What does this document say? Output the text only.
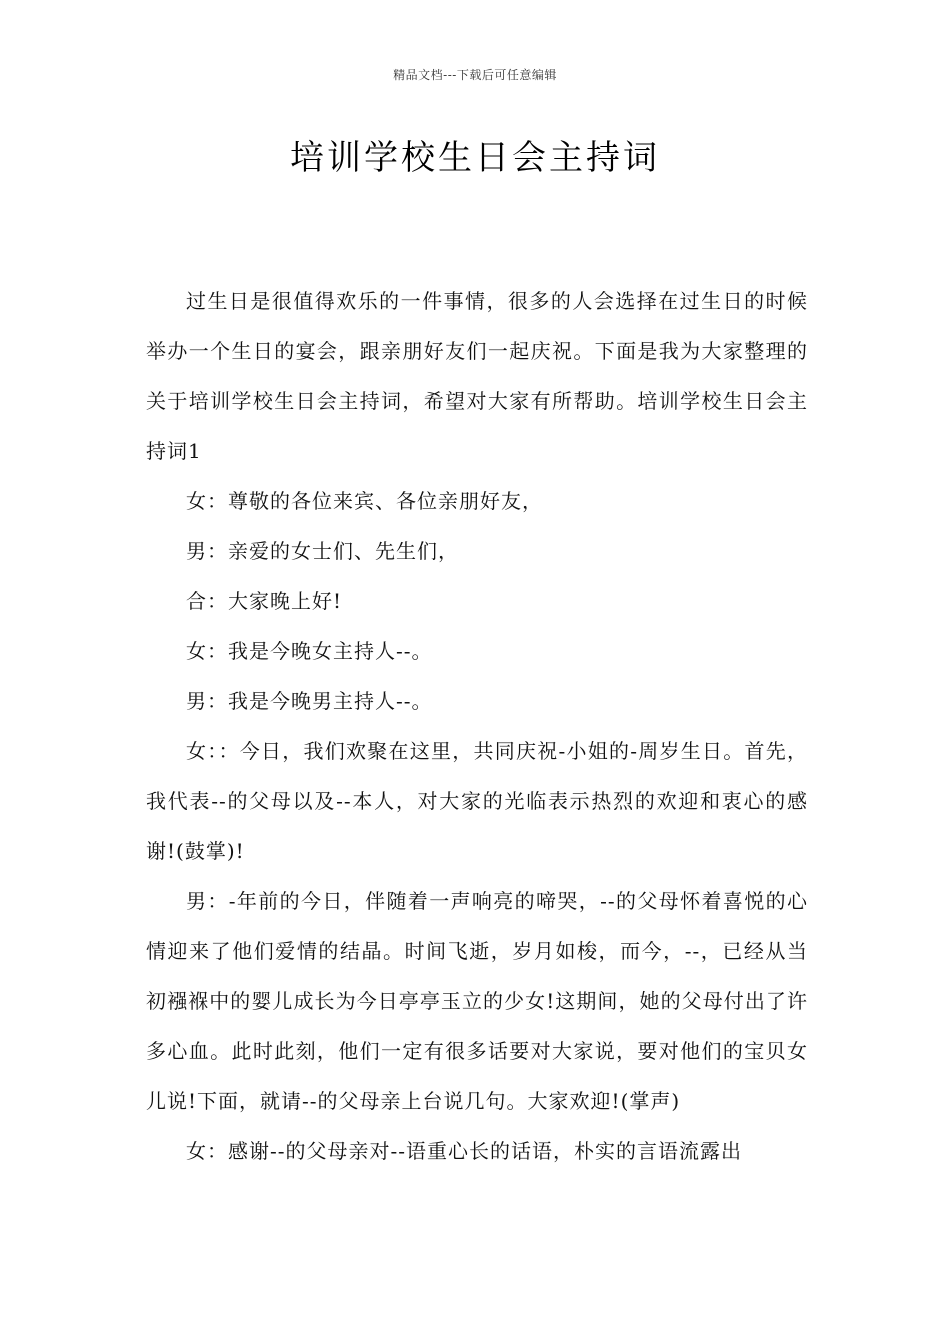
精品文档---下载后可任意编辑
培训学校生日会主持词

过生日是很值得欢乐的一件事情，很多的人会选择在过生日的时候举办一个生日的宴会，跟亲朋好友们一起庆祝。下面是我为大家整理的关于培训学校生日会主持词，希望对大家有所帮助。培训学校生日会主持词1

女：尊敬的各位来宾、各位亲朋好友，

男：亲爱的女士们、先生们，

合：大家晚上好!

女：我是今晚女主持人--。

男：我是今晚男主持人--。

女：：今日，我们欢聚在这里，共同庆祝-小姐的-周岁生日。首先，我代表--的父母以及--本人，对大家的光临表示热烈的欢迎和衷心的感谢!(鼓掌)!

男：-年前的今日，伴随着一声响亮的啼哭，--的父母怀着喜悦的心情迎来了他们爱情的结晶。时间飞逝，岁月如梭，而今，--，已经从当初襁褓中的婴儿成长为今日亭亭玉立的少女!这期间，她的父母付出了许多心血。此时此刻，他们一定有很多话要对大家说，要对他们的宝贝女儿说!下面，就请--的父母亲上台说几句。大家欢迎!(掌声)

女：感谢--的父母亲对--语重心长的话语，朴实的言语流露出
